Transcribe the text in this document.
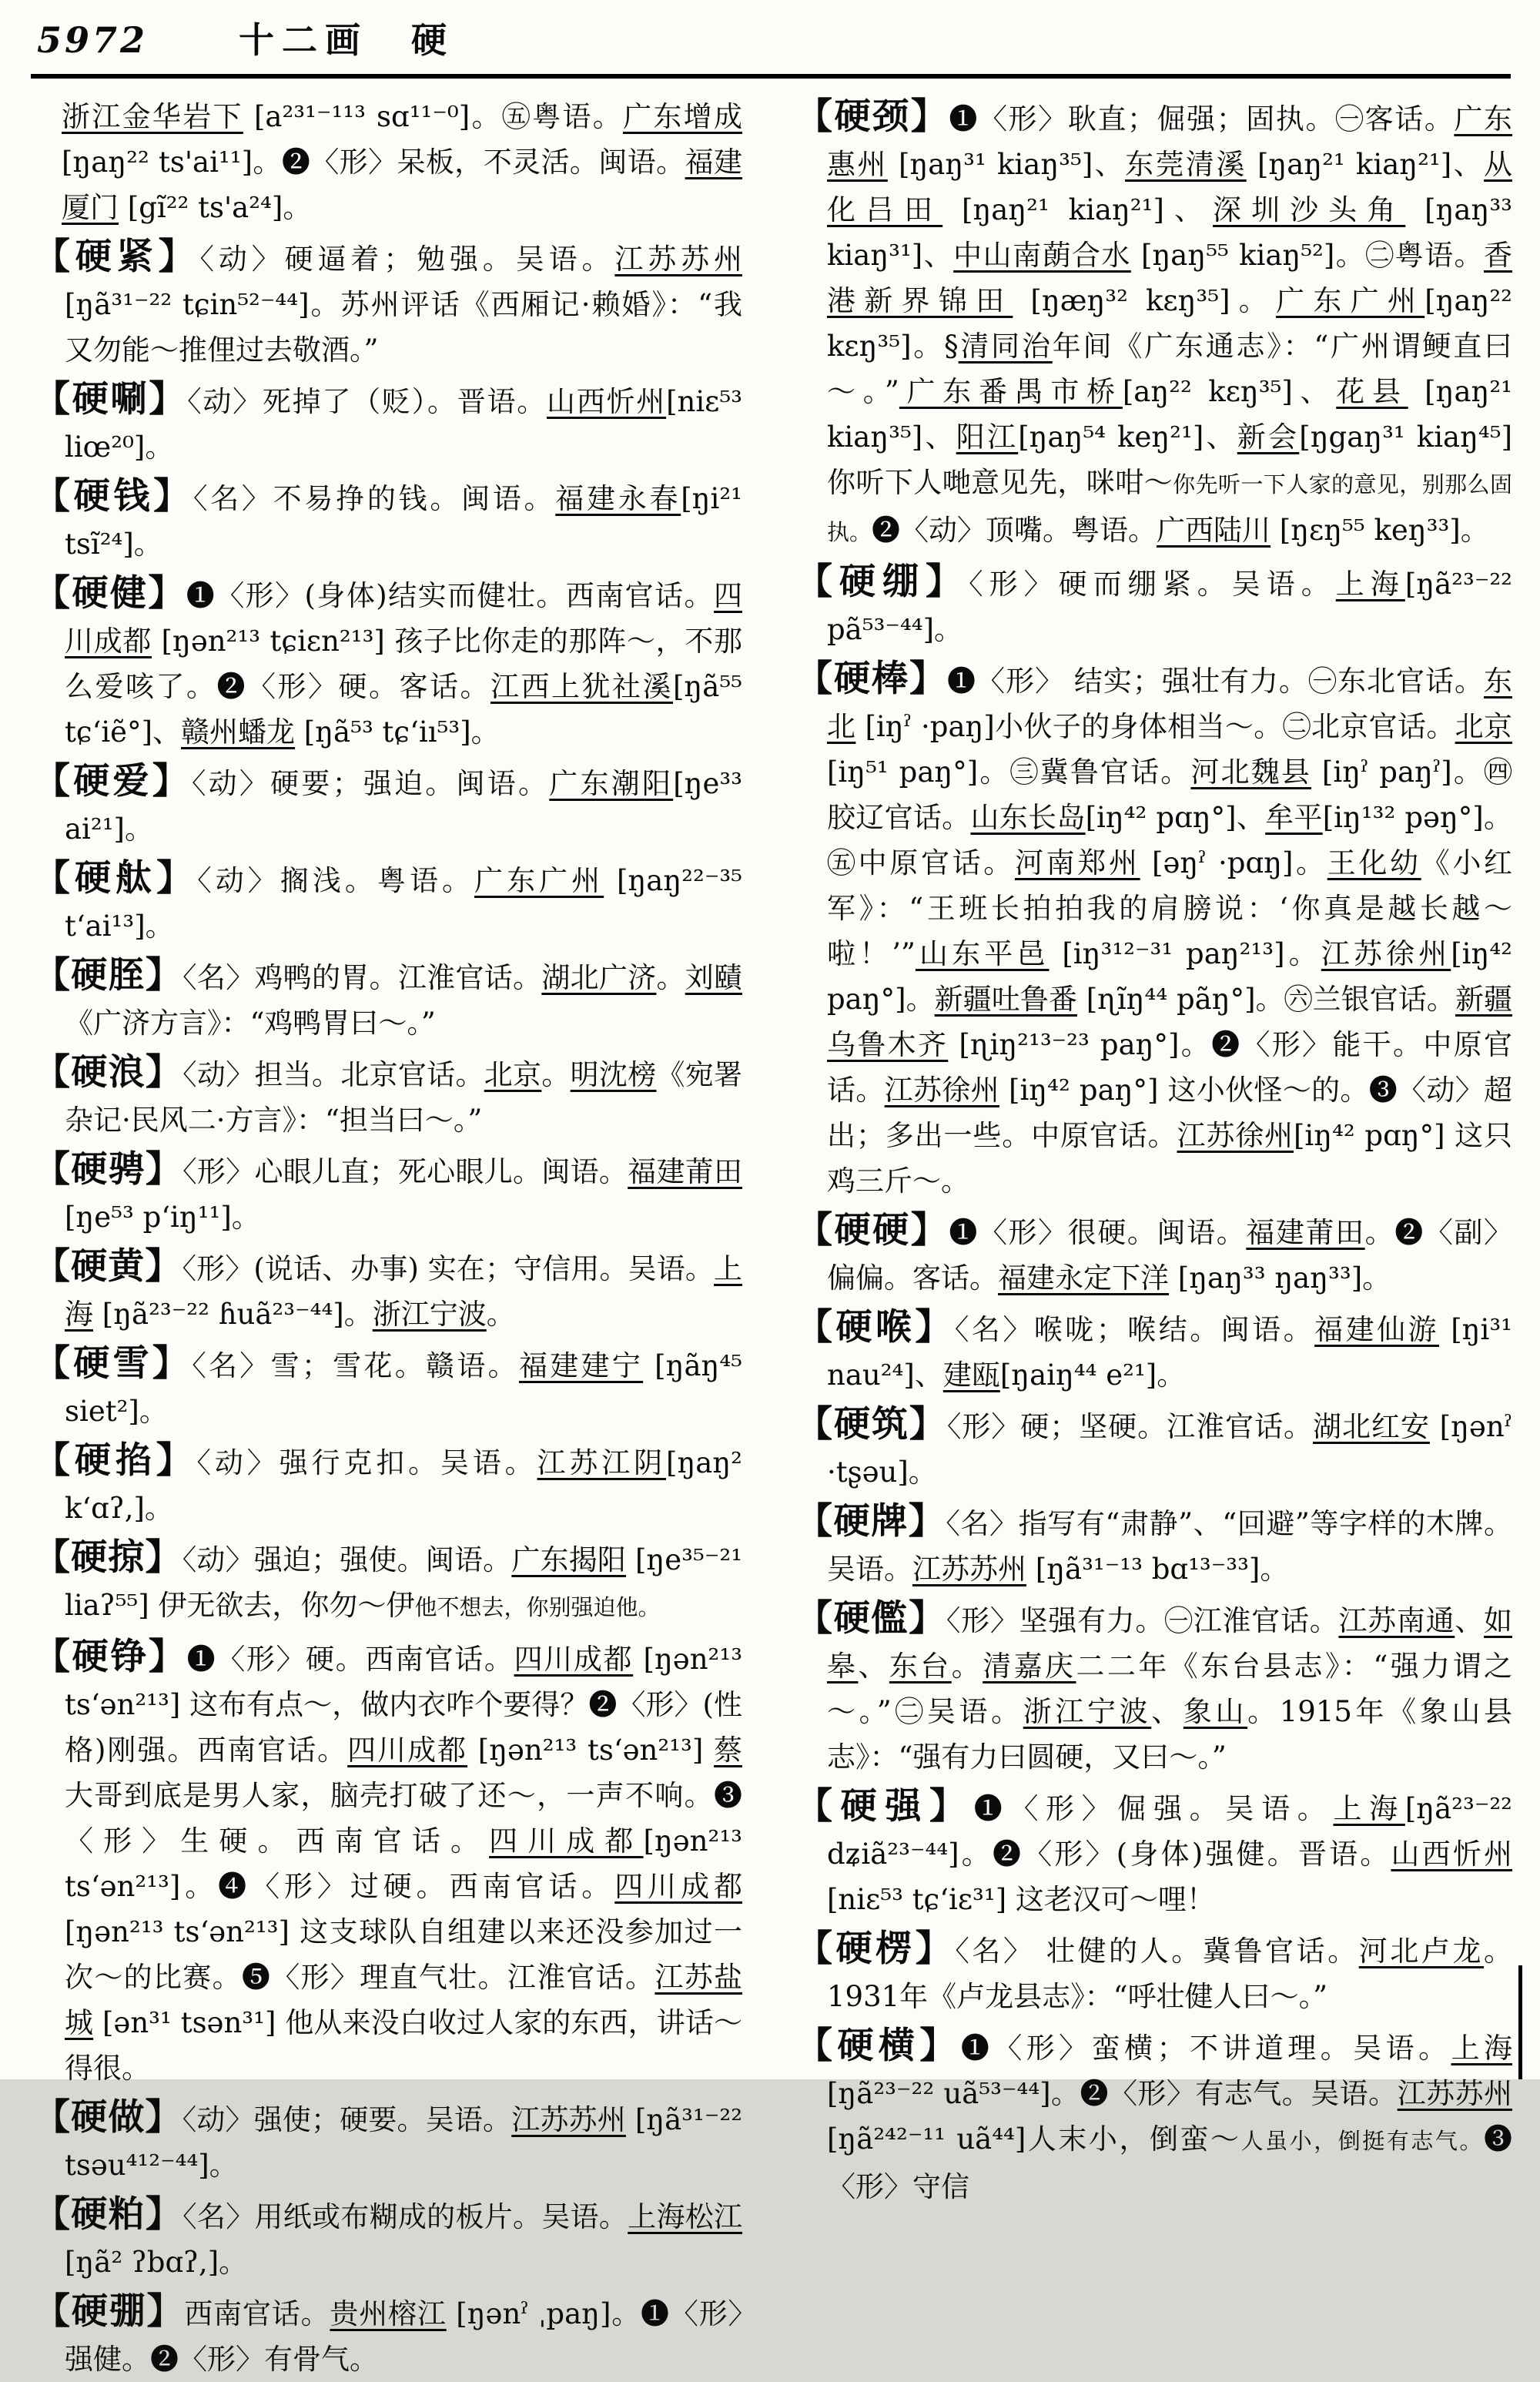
5972	十二画 硬

浙江金华岩下 [a²³¹⁻¹¹³ sɑ¹¹⁻⁰]。㊄粤语。广东增成[ŋaŋ²² ts'ai¹¹]。❷〈形〉呆板，不灵活。闽语。福建厦门 [gĩ²² ts'a²⁴]。

【硬紧】〈动〉硬逼着；勉强。吴语。江苏苏州 [ŋã³¹⁻²² tɕin⁵²⁻⁴⁴]。苏州评话《西厢记·赖婚》：“我又勿能～推俚过去敬酒。”

【硬唰】〈动〉死掉了（贬）。晋语。山西忻州[niɛ⁵³ liœ²⁰]。

【硬钱】〈名〉不易挣的钱。闽语。福建永春[ŋi²¹ tsĩ²⁴]。

【硬健】❶〈形〉(身体)结实而健壮。西南官话。四川成都 [ŋən²¹³ tɕiɛn²¹³] 孩子比你走的那阵～，不那么爱咳了。❷〈形〉硬。客话。江西上犹社溪[ŋã⁵⁵ tɕ‘iẽ°]、赣州蟠龙 [ŋã⁵³ tɕ‘iı⁵³]。

【硬爱】〈动〉硬要；强迫。闽语。广东潮阳[ŋe³³ ai²¹]。

【硬舦】〈动〉搁浅。粤语。广东广州 [ŋaŋ²²⁻³⁵ t‘ai¹³]。

【硬胵】〈名〉鸡鸭的胃。江淮官话。湖北广济。刘賾《广济方言》：“鸡鸭胃曰～。”

【硬浪】〈动〉担当。北京官话。北京。明沈榜《宛署杂记·民风二·方言》：“担当曰～。”

【硬骋】〈形〉心眼儿直；死心眼儿。闽语。福建莆田 [ŋe⁵³ p‘iŋ¹¹]。

【硬黄】〈形〉(说话、办事) 实在；守信用。吴语。上海 [ŋã²³⁻²² ɦuã²³⁻⁴⁴]。浙江宁波。

【硬雪】〈名〉雪；雪花。赣语。福建建宁 [ŋãŋ⁴⁵ siet²]。

【硬掐】〈动〉强行克扣。吴语。江苏江阴[ŋaŋ² k‘ɑʔ,]。

【硬掠】〈动〉强迫；强使。闽语。广东揭阳 [ŋe³⁵⁻²¹ liaʔ⁵⁵] 伊无欲去，你勿～伊他不想去，你别强迫他。

【硬铮】❶〈形〉硬。西南官话。四川成都 [ŋən²¹³ ts‘ən²¹³] 这布有点～，做内衣咋个要得？❷〈形〉(性格)刚强。西南官话。四川成都 [ŋən²¹³ ts‘ən²¹³] 蔡大哥到底是男人家，脑壳打破了还～，一声不响。❸〈形〉生硬。西南官话。四川成都[ŋən²¹³ ts‘ən²¹³]。❹〈形〉过硬。西南官话。四川成都 [ŋən²¹³ ts‘ən²¹³] 这支球队自组建以来还没参加过一次～的比赛。❺〈形〉理直气壮。江淮官话。江苏盐城 [ən³¹ tsən³¹] 他从来没白收过人家的东西，讲话～得很。

【硬做】〈动〉强使；硬要。吴语。江苏苏州 [ŋã³¹⁻²² tsəu⁴¹²⁻⁴⁴]。

【硬粕】〈名〉用纸或布糊成的板片。吴语。上海松江 [ŋã² ʔbɑʔ,]。

【硬弸】西南官话。贵州榕江 [ŋənˀ ˌpaŋ]。❶〈形〉强健。❷〈形〉有骨气。

【硬颈】❶〈形〉耿直；倔强；固执。㊀客话。广东惠州 [ŋaŋ³¹ kiaŋ³⁵]、东莞清溪 [ŋaŋ²¹ kiaŋ²¹]、从化吕田 [ŋaŋ²¹ kiaŋ²¹]、深圳沙头角 [ŋaŋ³³ kiaŋ³¹]、中山南蓢合水 [ŋaŋ⁵⁵ kiaŋ⁵²]。㊁粤语。香港新界锦田 [ŋæŋ³² kεŋ³⁵]。广东广州[ŋaŋ²² kεŋ³⁵]。§清同治年间《广东通志》：“广州谓鲠直曰～。”广东番禺市桥[aŋ²² kεŋ³⁵]、花县 [ŋaŋ²¹ kiaŋ³⁵]、阳江[ŋaŋ⁵⁴ keŋ²¹]、新会[ŋgaŋ³¹ kiaŋ⁴⁵]你听下人哋意见先，咪咁～你先听一下人家的意见，别那么固执。❷〈动〉顶嘴。粤语。广西陆川 [ŋεŋ⁵⁵ keŋ³³]。

【硬绷】〈形〉硬而绷紧。吴语。上海[ŋã²³⁻²² pã⁵³⁻⁴⁴]。

【硬棒】❶〈形〉 结实；强壮有力。㊀东北官话。东北 [iŋˀ ·paŋ]小伙子的身体相当～。㊁北京官话。北京 [iŋ⁵¹ paŋ°]。㊂冀鲁官话。河北魏县 [iŋˀ paŋˀ]。㊃胶辽官话。山东长岛[iŋ⁴² pɑŋ°]、牟平[iŋ¹³² pəŋ°]。㊄中原官话。河南郑州 [əŋˀ ·pɑŋ]。王化幼《小红军》：“王班长拍拍我的肩膀说：‘你真是越长越～啦！’”山东平邑 [iŋ³¹²⁻³¹ paŋ²¹³]。江苏徐州[iŋ⁴² paŋ°]。新疆吐鲁番 [ɳĩŋ⁴⁴ pãŋ°]。㊅兰银官话。新疆乌鲁木齐 [ɳiŋ²¹³⁻²³ paŋ°]。❷〈形〉能干。中原官话。江苏徐州 [iŋ⁴² paŋ°] 这小伙怪～的。❸〈动〉超出；多出一些。中原官话。江苏徐州[iŋ⁴² pɑŋ°] 这只鸡三斤～。

【硬硬】❶〈形〉很硬。闽语。福建莆田。❷〈副〉偏偏。客话。福建永定下洋 [ŋaŋ³³ ŋaŋ³³]。

【硬喉】〈名〉喉咙；喉结。闽语。福建仙游 [ŋi³¹ nau²⁴]、建瓯[ŋaiŋ⁴⁴ e²¹]。

【硬筑】〈形〉硬；坚硬。江淮官话。湖北红安 [ŋənˀ ·tʂəu]。

【硬牌】〈名〉指写有“肃静”、“回避”等字样的木牌。吴语。江苏苏州 [ŋã³¹⁻¹³ bɑ¹³⁻³³]。

【硬儖】〈形〉坚强有力。㊀江淮官话。江苏南通、如皋、东台。清嘉庆二二年《东台县志》：“强力谓之～。”㊁吴语。浙江宁波、象山。1915年《象山县志》：“强有力曰圆硬，又曰～。”

【硬强】❶〈形〉倔强。吴语。上海[ŋã²³⁻²² dʑiã²³⁻⁴⁴]。❷〈形〉(身体)强健。晋语。山西忻州[niɛ⁵³ tɕ‘iɛ³¹] 这老汉可～哩！

【硬楞】〈名〉 壮健的人。冀鲁官话。河北卢龙。1931年《卢龙县志》：“呼壮健人曰～。”

【硬横】❶〈形〉蛮横；不讲道理。吴语。上海 [ŋã²³⁻²² uã⁵³⁻⁴⁴]。❷〈形〉有志气。吴语。江苏苏州 [ŋã²⁴²⁻¹¹ uã⁴⁴]人末小，倒蛮～人虽小，倒挺有志气。❸〈形〉守信
